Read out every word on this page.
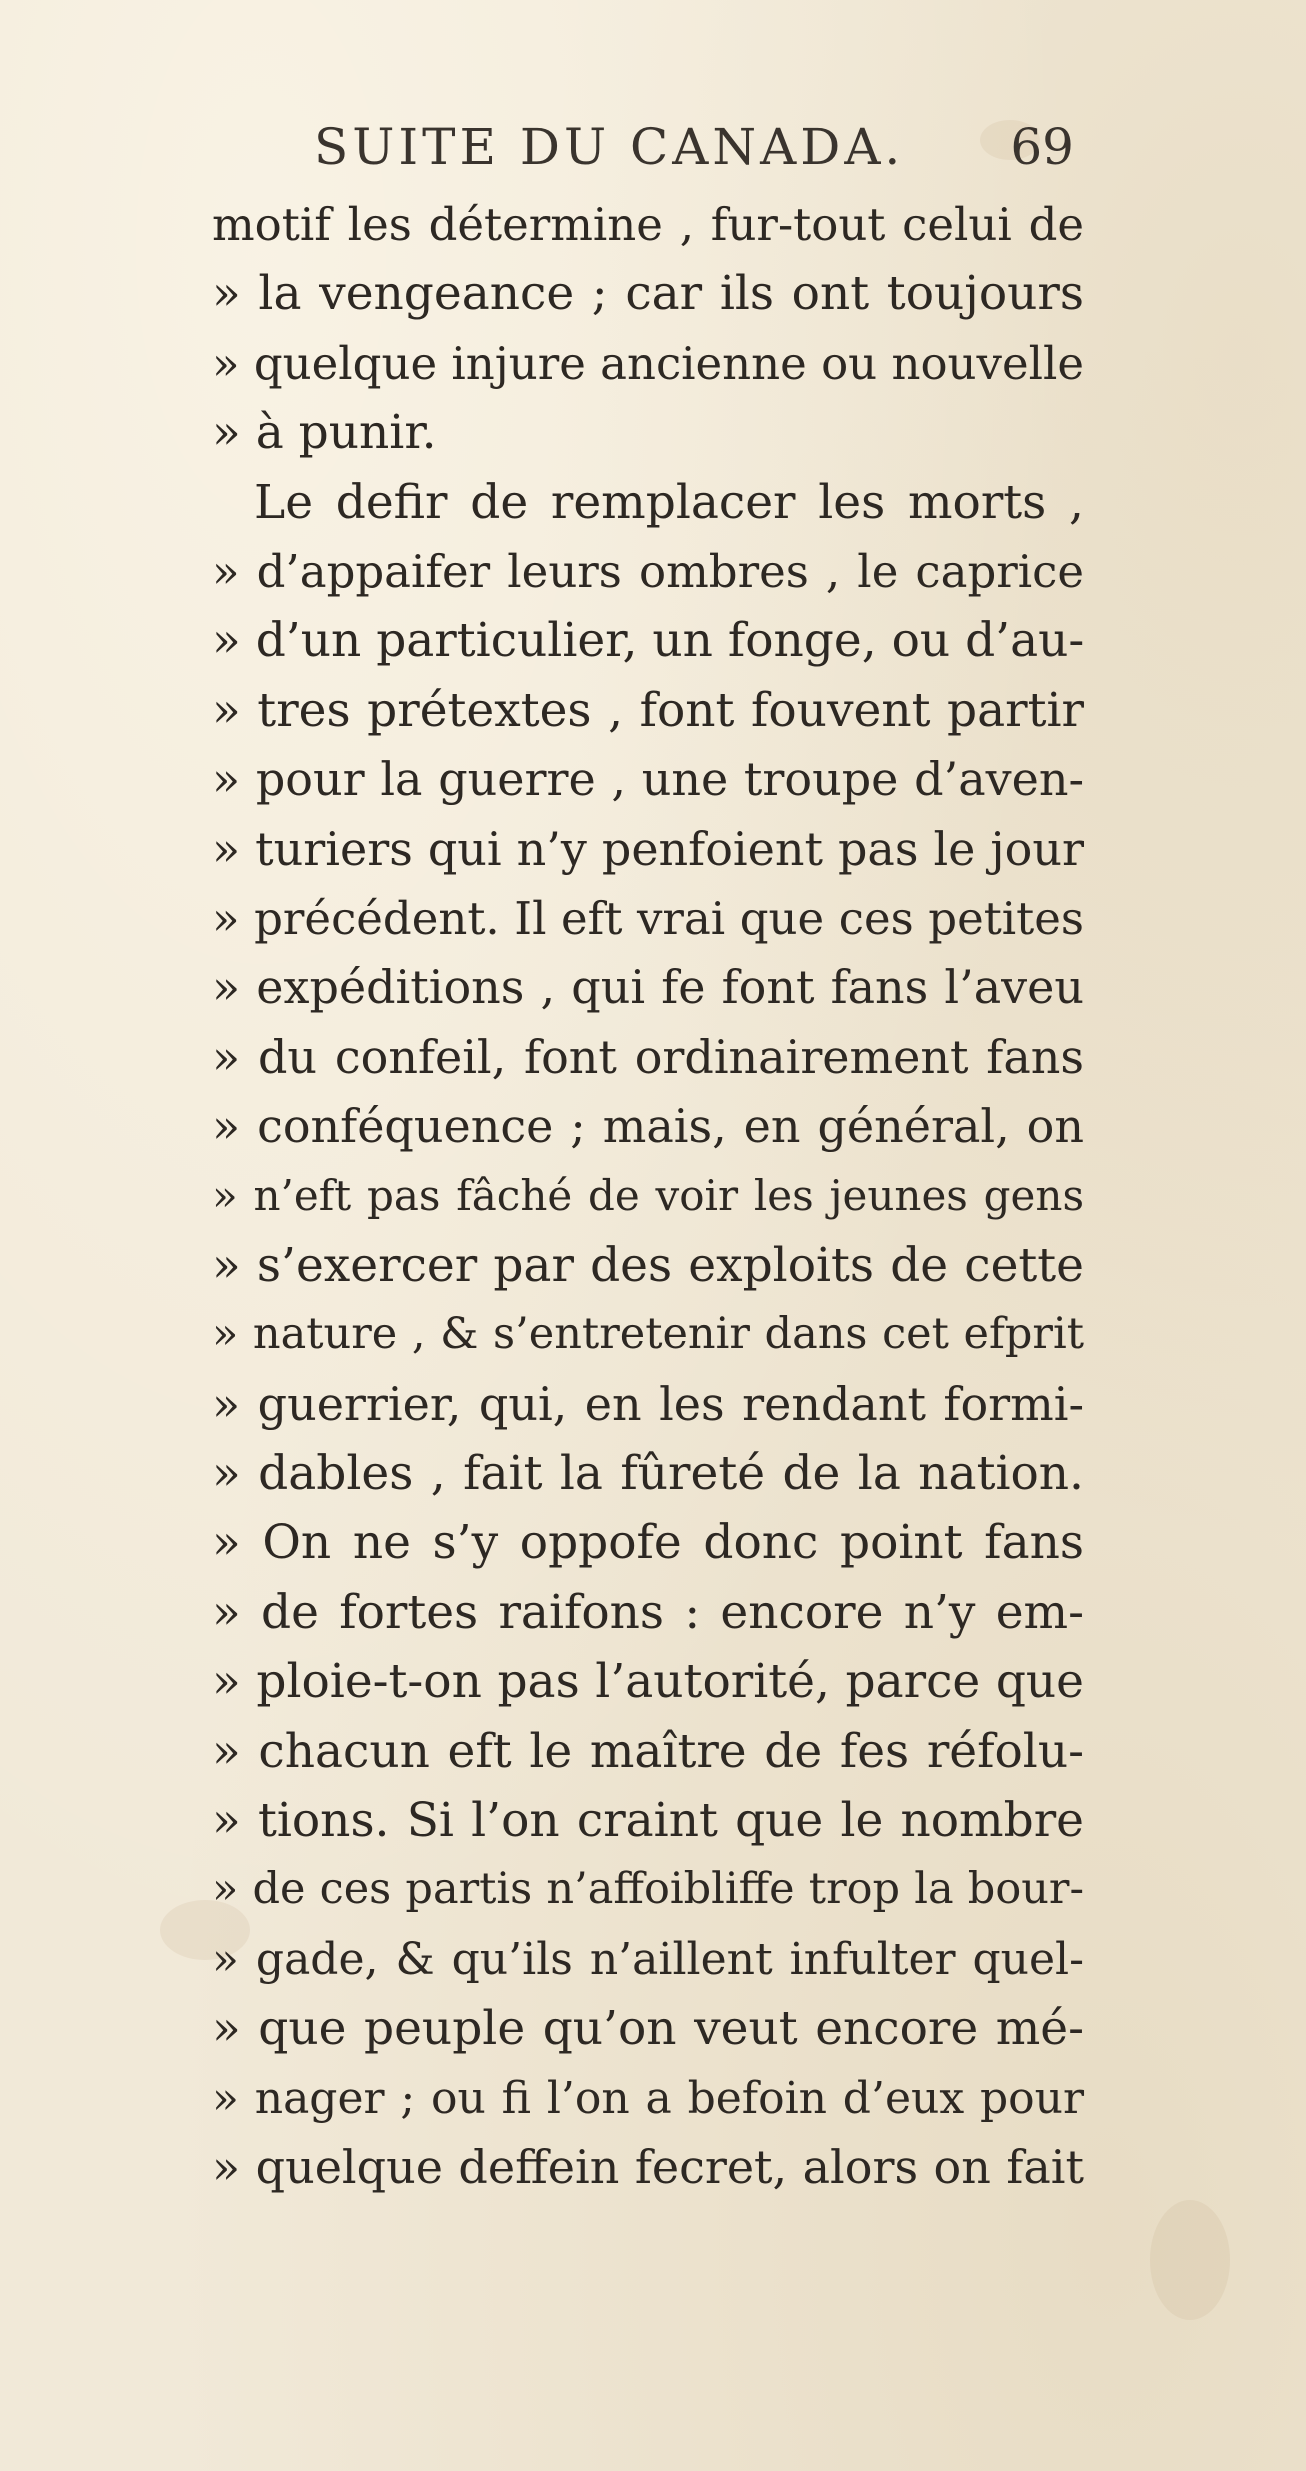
SUITE DU CANADA. 69
motif les détermine , fur-tout celui de
» la vengeance ; car ils ont toujours
» quelque injure ancienne ou nouvelle
» à punir.
Le defir de remplacer les morts ,
» d’appaifer leurs ombres , le caprice
» d’un particulier, un fonge, ou d’au-
» tres prétextes , font fouvent partir
» pour la guerre , une troupe d’aven-
» turiers qui n’y penfoient pas le jour
» précédent. Il eft vrai que ces petites
» expéditions , qui fe font fans l’aveu
» du confeil, font ordinairement fans
» conféquence ; mais, en général, on
» n’eft pas fâché de voir les jeunes gens
» s’exercer par des exploits de cette
» nature , & s’entretenir dans cet efprit
» guerrier, qui, en les rendant formi-
» dables , fait la fûreté de la nation.
» On ne s’y oppofe donc point fans
» de fortes raifons : encore n’y em-
» ploie-t-on pas l’autorité, parce que
» chacun eft le maître de fes réfolu-
» tions. Si l’on craint que le nombre
» de ces partis n’affoibliffe trop la bour-
» gade, & qu’ils n’aillent infulter quel-
» que peuple qu’on veut encore mé-
» nager ; ou fi l’on a befoin d’eux pour
» quelque deffein fecret, alors on fait
